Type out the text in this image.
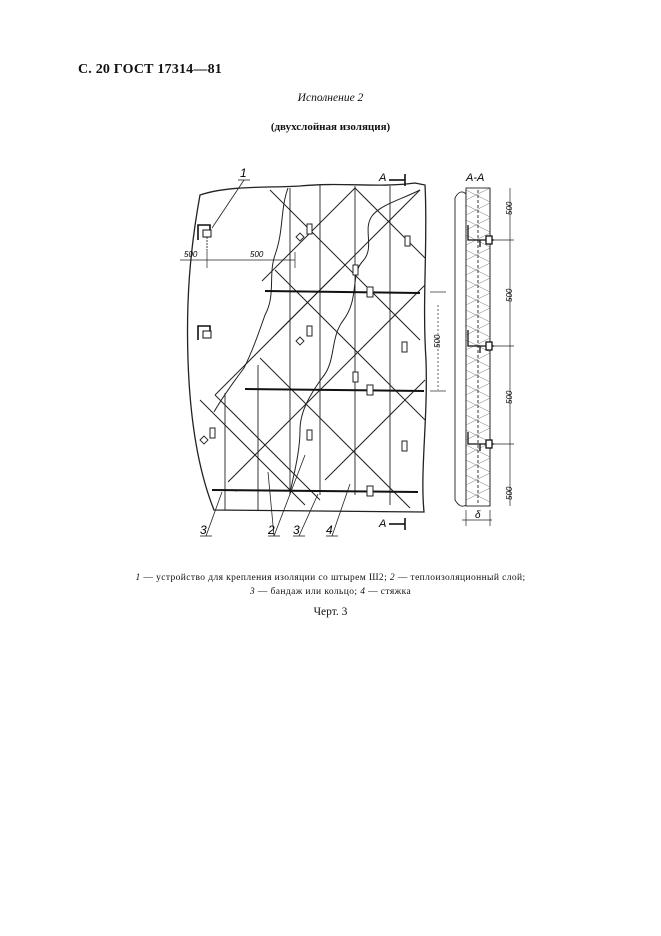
С. 20 ГОСТ 17314—81
Исполнение 2
(двухслойная изоляция)
∽
∽
∽
500	500
500
А
А
1
3	2 3 4
А-А
500
500
500
500
δ
1 — устройство для крепления изоляции со штырем Ш2; 2 — теплоизоляционный слой;
3 — бандаж или кольцо; 4 — стяжка
Черт. 3
